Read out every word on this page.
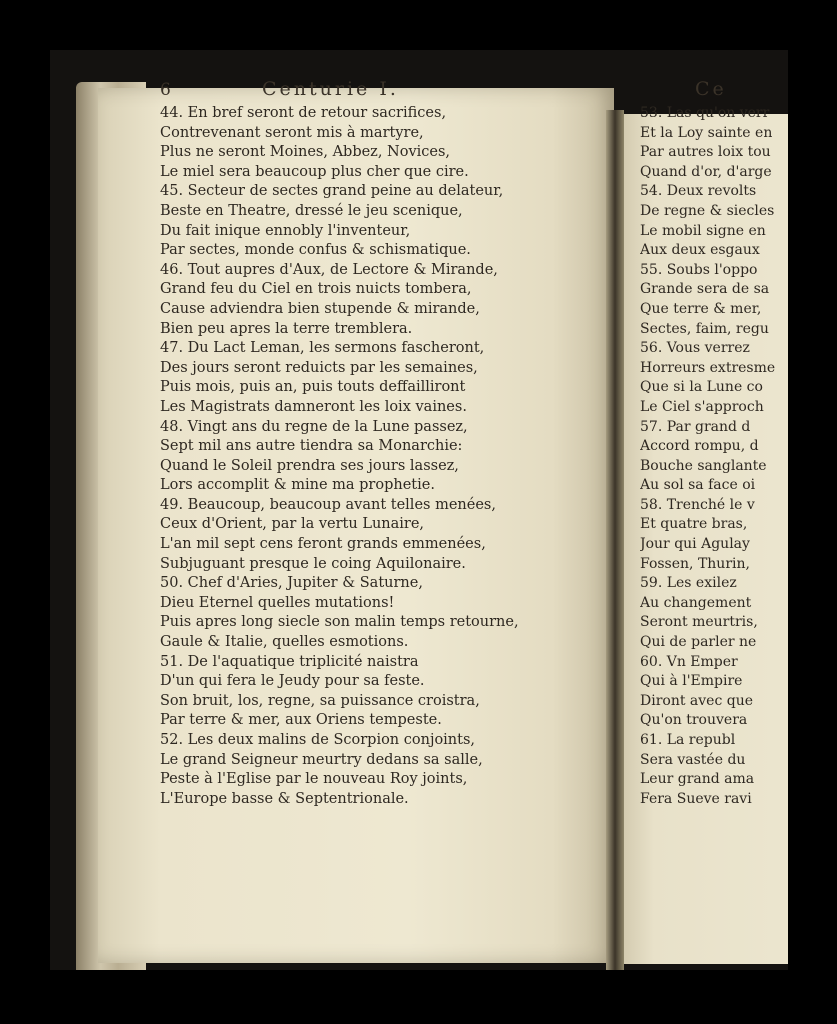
6	Centurie I.
44. En bref seront de retour sacrifices,
Contrevenant seront mis à martyre,
Plus ne seront Moines, Abbez, Novices,
Le miel sera beaucoup plus cher que cire.
45. Secteur de sectes grand peine au delateur,
Beste en Theatre, dressé le jeu scenique,
Du fait inique ennobly l'inventeur,
Par sectes, monde confus & schismatique.
46. Tout aupres d'Aux, de Lectore & Mirande,
Grand feu du Ciel en trois nuicts tombera,
Cause adviendra bien stupende & mirande,
Bien peu apres la terre tremblera.
47. Du Lact Leman, les sermons fascheront,
Des jours seront reduicts par les semaines,
Puis mois, puis an, puis touts deffailliront
Les Magistrats damneront les loix vaines.
48. Vingt ans du regne de la Lune passez,
Sept mil ans autre tiendra sa Monarchie:
Quand le Soleil prendra ses jours lassez,
Lors accomplit & mine ma prophetie.
49. Beaucoup, beaucoup avant telles menées,
Ceux d'Orient, par la vertu Lunaire,
L'an mil sept cens feront grands emmenées,
Subjuguant presque le coing Aquilonaire.
50. Chef d'Aries, Jupiter & Saturne,
Dieu Eternel quelles mutations!
Puis apres long siecle son malin temps retourne,
Gaule & Italie, quelles esmotions.
51. De l'aquatique triplicité naistra
D'un qui fera le Jeudy pour sa feste.
Son bruit, los, regne, sa puissance croistra,
Par terre & mer, aux Oriens tempeste.
52. Les deux malins de Scorpion conjoints,
Le grand Seigneur meurtry dedans sa salle,
Peste à l'Eglise par le nouveau Roy joints,
L'Europe basse & Septentrionale.
Ce
53. Las qu'on verr
Et la Loy sainte en
Par autres loix tou
Quand d'or, d'arge
54. Deux revolts
De regne & siecles
Le mobil signe en
Aux deux esgaux
55. Soubs l'oppo
Grande sera de sa
Que terre & mer,
Sectes, faim, regu
56. Vous verrez
Horreurs extresme
Que si la Lune co
Le Ciel s'approch
57. Par grand d
Accord rompu, d
Bouche sanglante
Au sol sa face oi
58. Trenché le v
Et quatre bras,
Jour qui Agulay
Fossen, Thurin,
59. Les exilez
Au changement
Seront meurtris,
Qui de parler ne
60. Vn Emper
Qui à l'Empire
Diront avec que
Qu'on trouvera
61. La republ
Sera vastée du
Leur grand ama
Fera Sueve ravi
